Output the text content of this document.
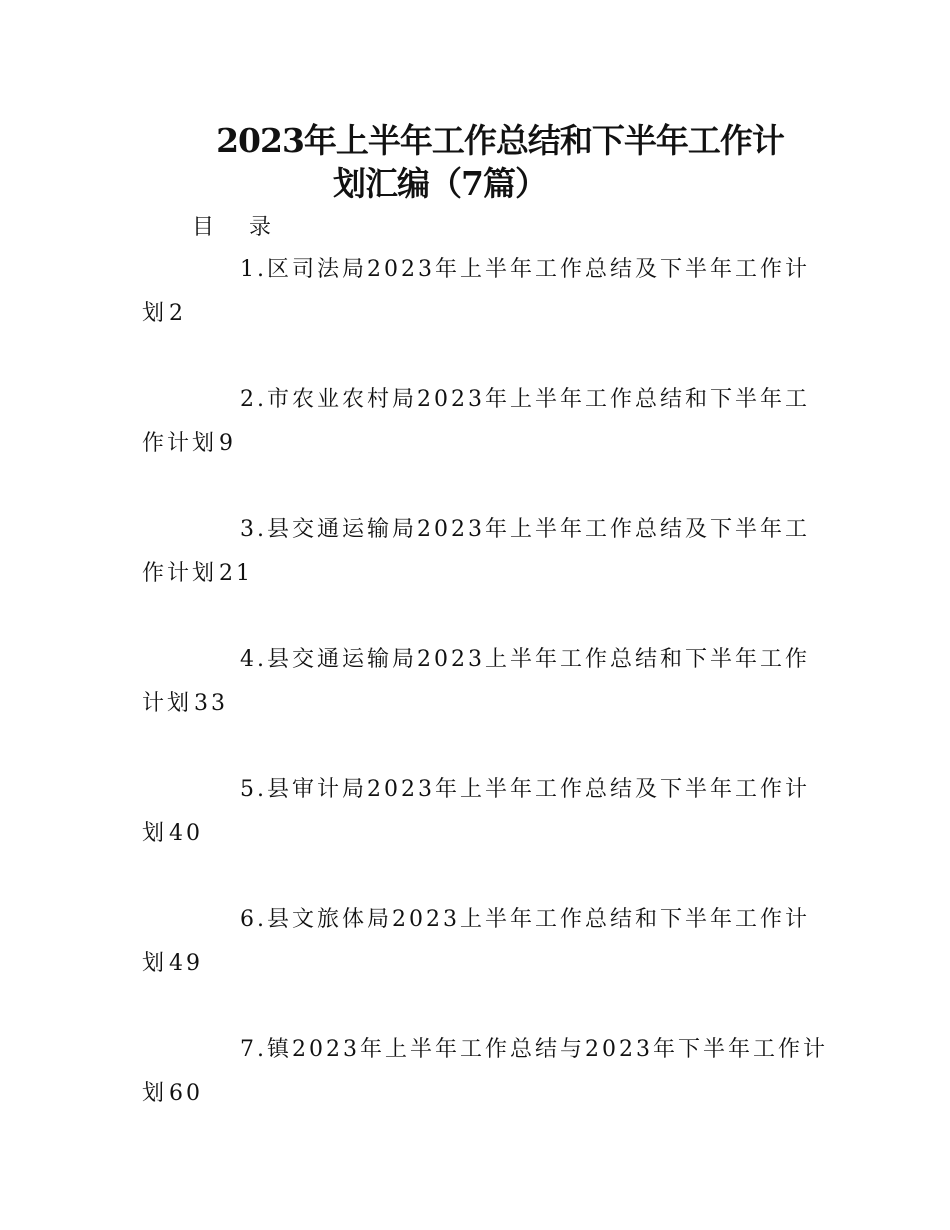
2023年上半年工作总结和下半年工作计
划汇编（7篇）
目 录
1.区司法局2023年上半年工作总结及下半年工作计
划2
2.市农业农村局2023年上半年工作总结和下半年工
作计划9
3.县交通运输局2023年上半年工作总结及下半年工
作计划21
4.县交通运输局2023上半年工作总结和下半年工作
计划33
5.县审计局2023年上半年工作总结及下半年工作计
划40
6.县文旅体局2023上半年工作总结和下半年工作计
划49
7.镇2023年上半年工作总结与2023年下半年工作计
划60
